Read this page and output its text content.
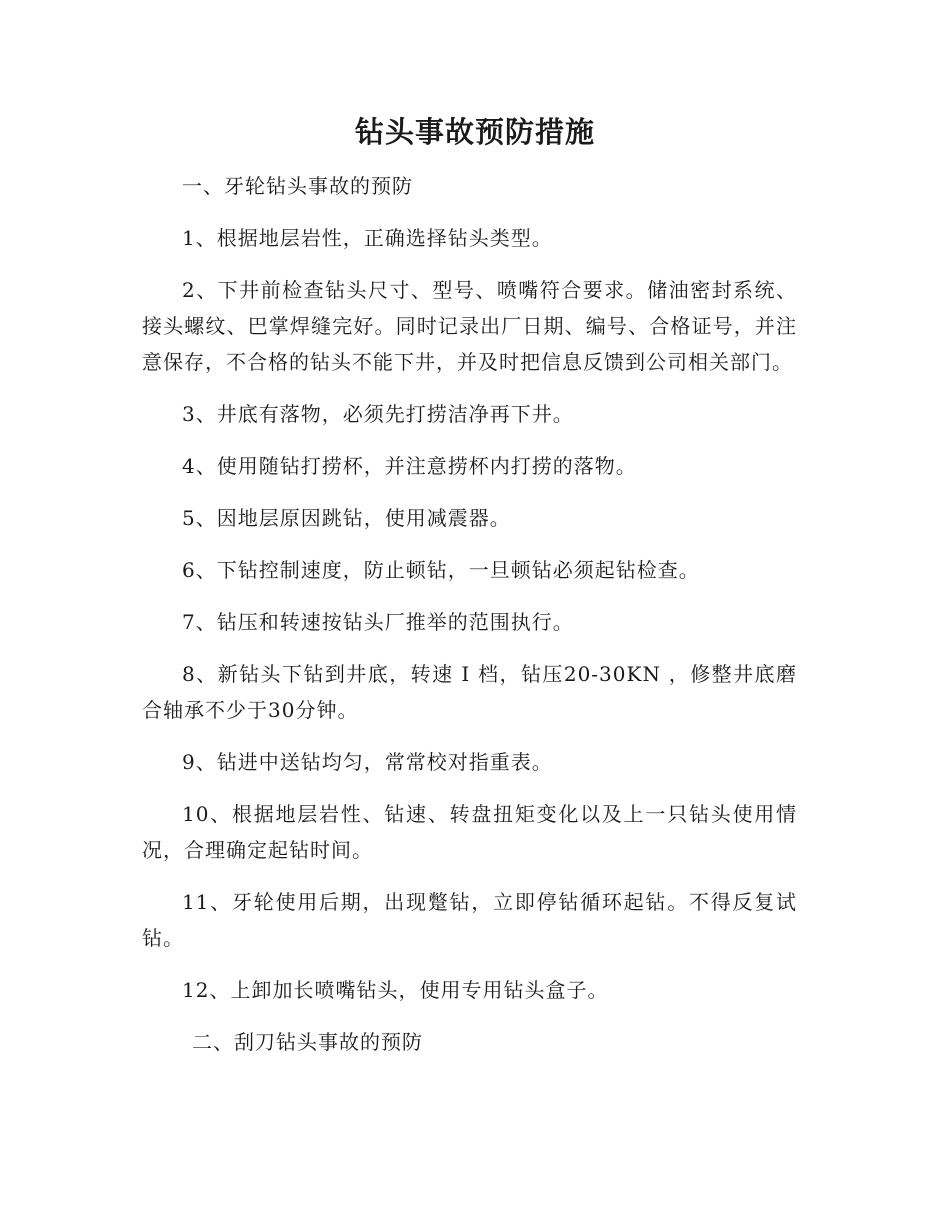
钻头事故预防措施

一、牙轮钻头事故的预防

1、根据地层岩性，正确选择钻头类型。

2、下井前检查钻头尺寸、型号、喷嘴符合要求。储油密封系统、接头螺纹、巴掌焊缝完好。同时记录出厂日期、编号、合格证号，并注意保存，不合格的钻头不能下井，并及时把信息反馈到公司相关部门。

3、井底有落物，必须先打捞洁净再下井。

4、使用随钻打捞杯，并注意捞杯内打捞的落物。

5、因地层原因跳钻，使用减震器。

6、下钻控制速度，防止顿钻，一旦顿钻必须起钻检查。

7、钻压和转速按钻头厂推举的范围执行。

8、新钻头下钻到井底，转速 I 档，钻压20-30KN ，修整井底磨合轴承不少于30分钟。

9、钻进中送钻均匀，常常校对指重表。

10、根据地层岩性、钻速、转盘扭矩变化以及上一只钻头使用情况，合理确定起钻时间。

11、牙轮使用后期，出现蹩钻，立即停钻循环起钻。不得反复试钻。

12、上卸加长喷嘴钻头，使用专用钻头盒子。

二、刮刀钻头事故的预防
